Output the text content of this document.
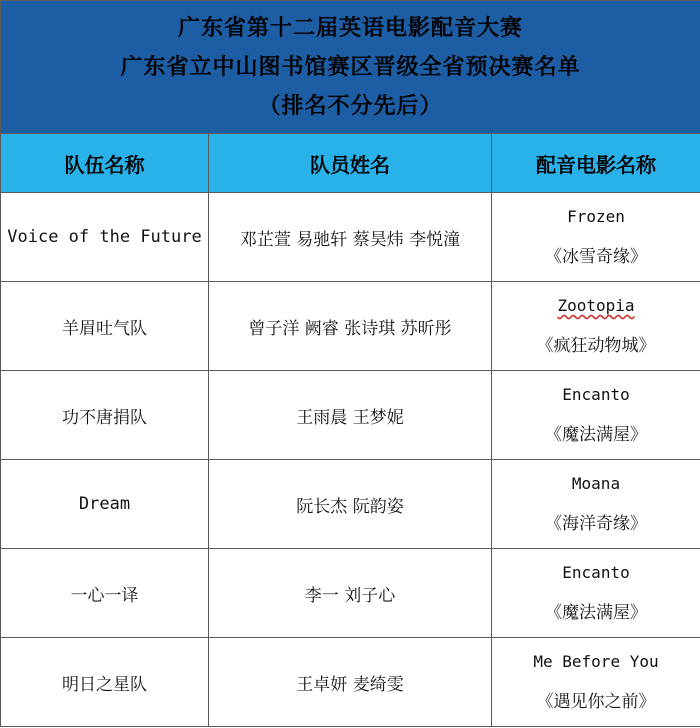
广东省第十二届英语电影配音大赛
广东省立中山图书馆赛区晋级全省预决赛名单
（排名不分先后）		

队伍名称	队员姓名	配音电影名称
Voice of the Future	邓芷萱 易驰轩 蔡昊炜 李悦潼	Frozen
《冰雪奇缘》

羊眉吐气队	曾子洋 阙睿 张诗琪 苏昕彤	Zootopia
《疯狂动物城》

功不唐捐队	王雨晨 王梦妮	Encanto
《魔法满屋》

Dream	阮长杰 阮韵姿	Moana
《海洋奇缘》

一心一译	李一 刘子心	Encanto
《魔法满屋》

明日之星队	王卓妍 麦绮雯	Me Before You
《遇见你之前》
